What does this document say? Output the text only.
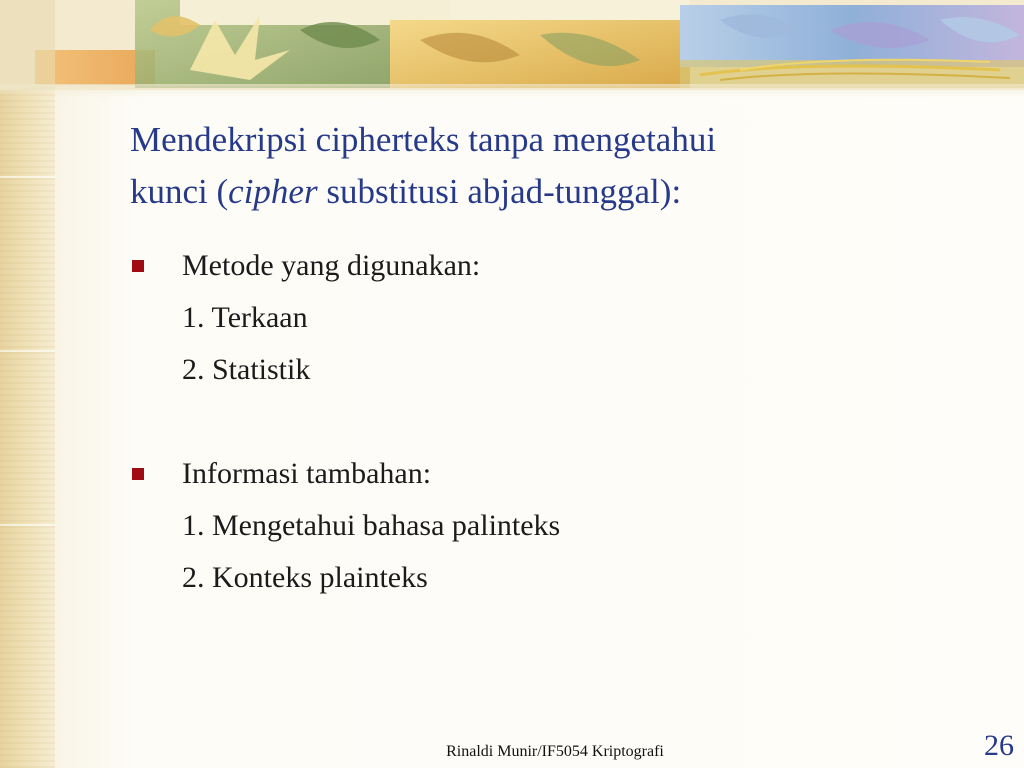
Mendekripsi cipherteks tanpa mengetahui
kunci (cipher substitusi abjad-tunggal):
Metode yang digunakan:
1. Terkaan
2. Statistik
Informasi tambahan:
1. Mengetahui bahasa palinteks
2. Konteks plainteks
Rinaldi Munir/IF5054 Kriptografi	26
